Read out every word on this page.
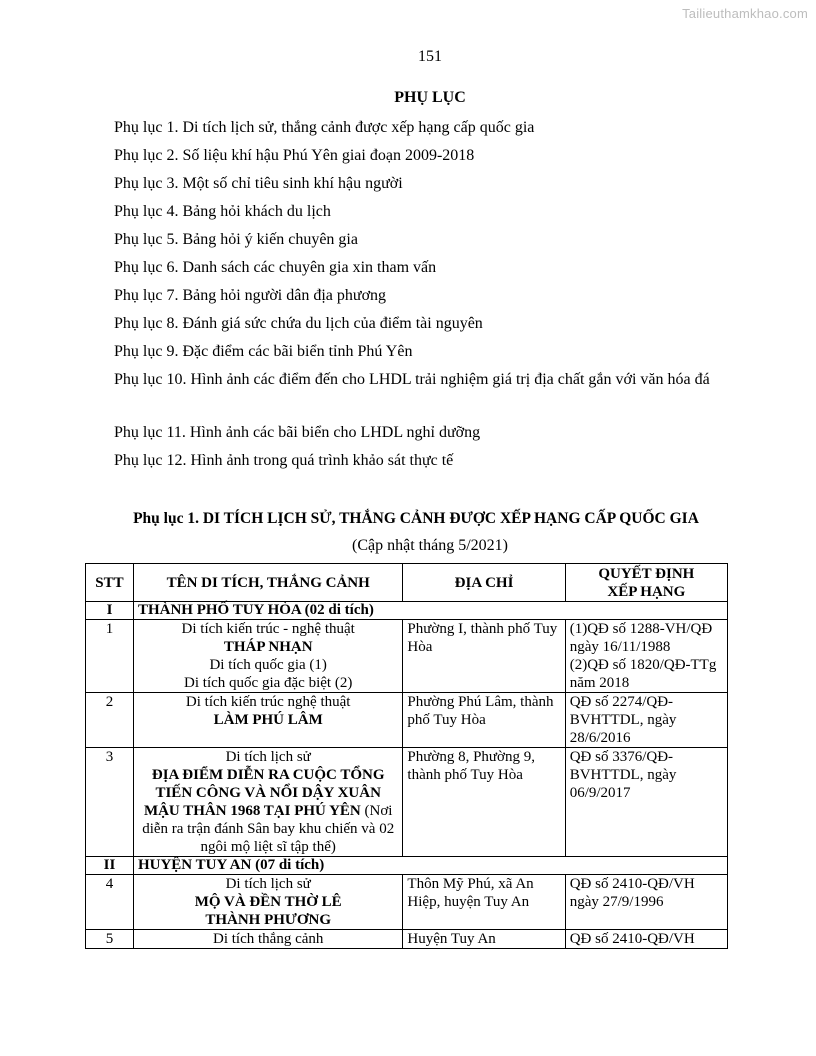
Tailieuthamkhao.com
151
PHỤ LỤC
Phụ lục 1. Di tích lịch sử, thắng cảnh được xếp hạng cấp quốc gia
Phụ lục 2. Số liệu khí hậu Phú Yên giai đoạn 2009-2018
Phụ lục 3. Một số chỉ tiêu sinh khí hậu người
Phụ lục 4. Bảng hỏi khách du lịch
Phụ lục 5. Bảng hỏi ý kiến chuyên gia
Phụ lục 6. Danh sách các chuyên gia xin tham vấn
Phụ lục 7. Bảng hỏi người dân địa phương
Phụ lục 8. Đánh giá sức chứa du lịch của điểm tài nguyên
Phụ lục 9. Đặc điểm các bãi biển tỉnh Phú Yên
Phụ lục 10. Hình ảnh các điểm đến cho LHDL trải nghiệm giá trị địa chất gắn với văn hóa đá
Phụ lục 11. Hình ảnh các bãi biển cho LHDL nghỉ dưỡng
Phụ lục 12. Hình ảnh trong quá trình khảo sát thực tế
Phụ lục 1. DI TÍCH LỊCH SỬ, THẮNG CẢNH ĐƯỢC XẾP HẠNG CẤP QUỐC GIA
(Cập nhật tháng 5/2021)
STT	TÊN DI TÍCH, THẮNG CẢNH	ĐỊA CHỈ	QUYẾT ĐỊNH
XẾP HẠNG

I	THÀNH PHỐ TUY HÒA (02 di tích)		
1	Di tích kiến trúc - nghệ thuật
THÁP NHẠN
Di tích quốc gia (1)
Di tích quốc gia đặc biệt (2)	Phường I, thành phố Tuy Hòa	(1)QĐ số 1288-VH/QĐ ngày 16/11/1988
(2)QĐ số 1820/QĐ-TTg năm 2018
2	Di tích kiến trúc nghệ thuật
LÀM PHÚ LÂM	Phường Phú Lâm, thành phố Tuy Hòa	QĐ số 2274/QĐ-BVHTTDL, ngày 28/6/2016
3	Di tích lịch sử
ĐỊA ĐIỂM DIỄN RA CUỘC TỔNG TIẾN CÔNG VÀ NỔI DẬY XUÂN MẬU THÂN 1968 TẠI PHÚ YÊN (Nơi diễn ra trận đánh Sân bay khu chiến và 02 ngôi mộ liệt sĩ tập thể)	Phường 8, Phường 9, thành phố Tuy Hòa	QĐ số 3376/QĐ-BVHTTDL, ngày 06/9/2017
II	HUYỆN TUY AN (07 di tích)		
4	Di tích lịch sử
MỘ VÀ ĐỀN THỜ LÊ THÀNH PHƯƠNG	Thôn Mỹ Phú, xã An Hiệp, huyện Tuy An	QĐ số 2410-QĐ/VH ngày 27/9/1996
5	Di tích thắng cảnh	Huyện Tuy An	QĐ số 2410-QĐ/VH
